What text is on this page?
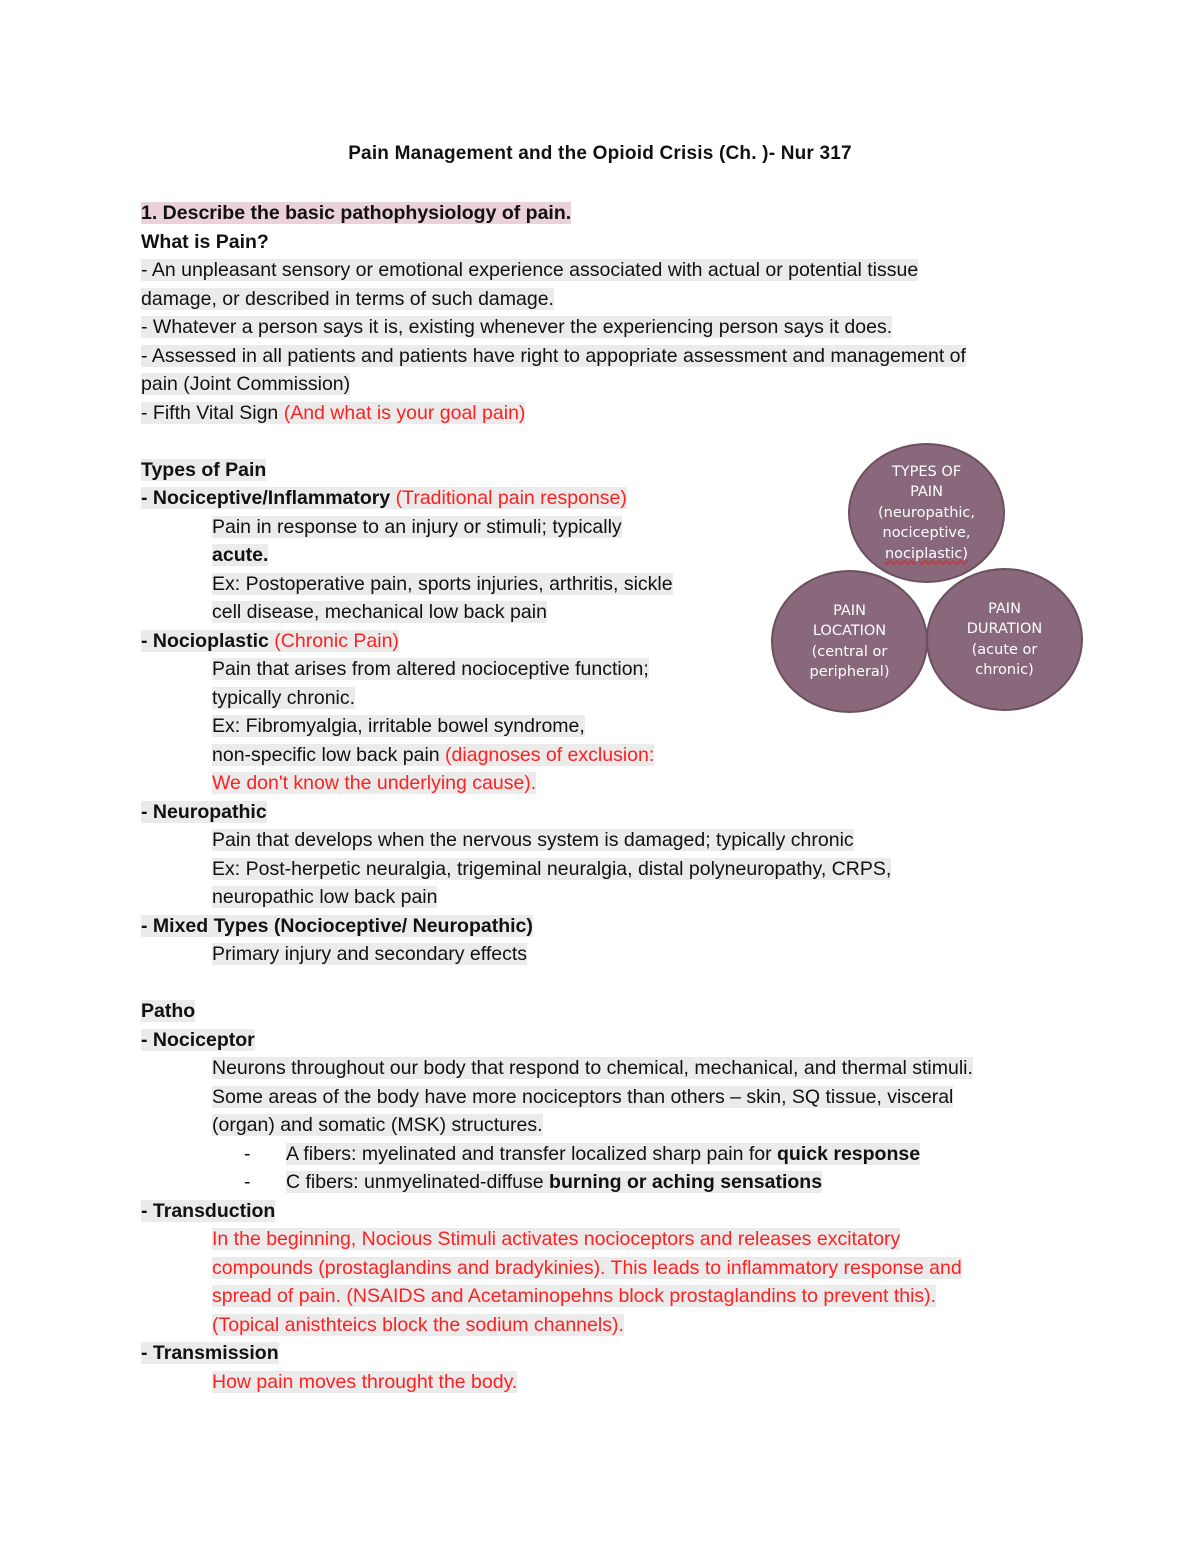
Pain Management and the Opioid Crisis (Ch. )- Nur 317
1. Describe the basic pathophysiology of pain.
What is Pain?
- An unpleasant sensory or emotional experience associated with actual or potential tissue
damage, or described in terms of such damage.
- Whatever a person says it is, existing whenever the experiencing person says it does.
- Assessed in all patients and patients have right to appopriate assessment and management of
pain (Joint Commission)
- Fifth Vital Sign (And what is your goal pain)
Types of Pain
- Nociceptive/Inflammatory (Traditional pain response)
Pain in response to an injury or stimuli; typically
acute.
Ex: Postoperative pain, sports injuries, arthritis, sickle
cell disease, mechanical low back pain
- Nocioplastic (Chronic Pain)
Pain that arises from altered nocioceptive function;
typically chronic.
Ex: Fibromyalgia, irritable bowel syndrome,
non-specific low back pain (diagnoses of exclusion:
We don't know the underlying cause).
- Neuropathic
Pain that develops when the nervous system is damaged; typically chronic
Ex: Post-herpetic neuralgia, trigeminal neuralgia, distal polyneuropathy, CRPS,
neuropathic low back pain
- Mixed Types (Nocioceptive/ Neuropathic)
Primary injury and secondary effects
Patho
- Nociceptor
Neurons throughout our body that respond to chemical, mechanical, and thermal stimuli.
Some areas of the body have more nociceptors than others – skin, SQ tissue, visceral
(organ) and somatic (MSK) structures.
- A fibers: myelinated and transfer localized sharp pain for quick response
- C fibers: unmyelinated-diffuse burning or aching sensations
- Transduction
In the beginning, Nocious Stimuli activates nocioceptors and releases excitatory
compounds (prostaglandins and bradykinies). This leads to inflammatory response and
spread of pain. (NSAIDS and Acetaminopehns block prostaglandins to prevent this).
(Topical anisthteics block the sodium channels).
- Transmission
How pain moves throught the body.
TYPES OF
PAIN
(neuropathic,
nociceptive,
nociplastic)
PAIN
LOCATION
(central or
peripheral)
PAIN
DURATION
(acute or
chronic)
